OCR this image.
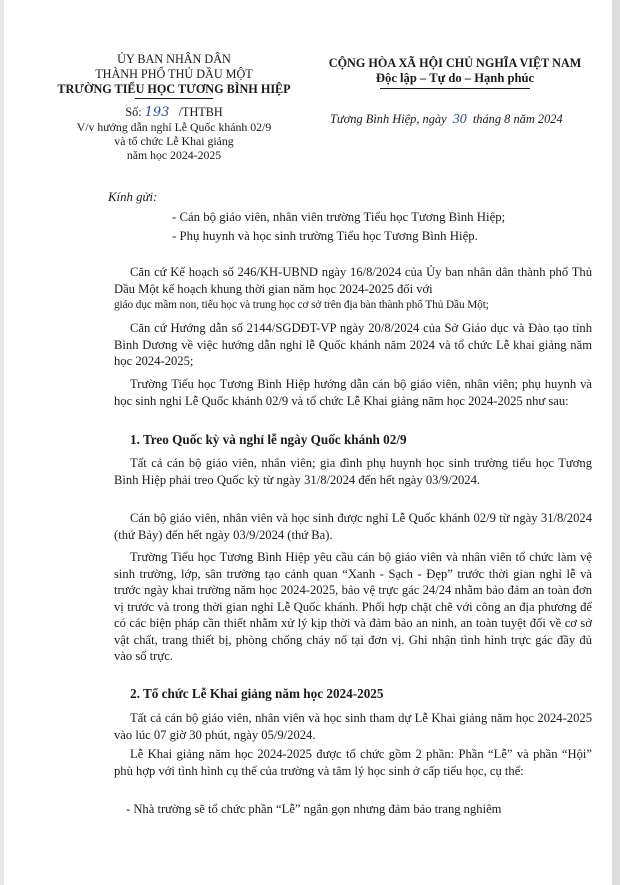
ỦY BAN NHÂN DÂN
THÀNH PHỐ THỦ DẦU MỘT
TRƯỜNG TIỂU HỌC TƯƠNG BÌNH HIỆP
Số: 193 /THTBH
V/v hướng dẫn nghỉ Lễ Quốc khánh 02/9
và tổ chức Lễ Khai giảng
năm học 2024-2025
CỘNG HÒA XÃ HỘI CHỦ NGHĨA VIỆT NAM
Độc lập – Tự do – Hạnh phúc
Tương Bình Hiệp, ngày 30 tháng 8 năm 2024
Kính gửi:
- Cán bộ giáo viên, nhân viên trường Tiểu học Tương Bình Hiệp;
- Phụ huynh và học sinh trường Tiểu học Tương Bình Hiệp.

Căn cứ Kế hoạch số 246/KH-UBND ngày 16/8/2024 của Ủy ban nhân dân thành phố Thủ Dầu Một kế hoạch khung thời gian năm học 2024-2025 đối với

giáo dục mầm non, tiểu học và trung học cơ sở trên địa bàn thành phố Thủ Dầu Một;

Căn cứ Hướng dẫn số 2144/SGDĐT-VP ngày 20/8/2024 của Sở Giáo dục và Đào tạo tỉnh Bình Dương về việc hướng dẫn nghỉ lễ Quốc khánh năm 2024 và tổ chức Lễ khai giảng năm học 2024-2025;

Trường Tiểu học Tương Bình Hiệp hướng dẫn cán bộ giáo viên, nhân viên; phụ huynh và học sinh nghỉ Lễ Quốc khánh 02/9 và tổ chức Lễ Khai giảng năm học 2024-2025 như sau:

1. Treo Quốc kỳ và nghỉ lễ ngày Quốc khánh 02/9

Tất cả cán bộ giáo viên, nhân viên; gia đình phụ huynh học sinh trường tiểu học Tương Bình Hiệp phải treo Quốc kỳ từ ngày 31/8/2024 đến hết ngày 03/9/2024.

Cán bộ giáo viên, nhân viên và học sinh được nghỉ Lễ Quốc khánh 02/9 từ ngày 31/8/2024 (thứ Bảy) đến hết ngày 03/9/2024 (thứ Ba).

Trường Tiểu học Tương Bình Hiệp yêu cầu cán bộ giáo viên và nhân viên tổ chức làm vệ sinh trường, lớp, sân trường tạo cảnh quan “Xanh - Sạch - Đẹp” trước thời gian nghỉ lễ và trước ngày khai trường năm học 2024-2025, bảo vệ trực gác 24/24 nhằm bảo đảm an toàn đơn vị trước và trong thời gian nghỉ Lễ Quốc khánh. Phối hợp chặt chẽ với công an địa phương để có các biện pháp cần thiết nhằm xử lý kịp thời và đảm bảo an ninh, an toàn tuyệt đối về cơ sở vật chất, trang thiết bị, phòng chống cháy nổ tại đơn vị. Ghi nhận tình hình trực gác đầy đủ vào sổ trực.

2. Tổ chức Lễ Khai giảng năm học 2024-2025

Tất cả cán bộ giáo viên, nhân viên và học sinh tham dự Lễ Khai giảng năm học 2024-2025 vào lúc 07 giờ 30 phút, ngày 05/9/2024.

Lễ Khai giảng năm học 2024-2025 được tổ chức gồm 2 phần: Phần “Lễ” và phần “Hội” phù hợp với tình hình cụ thể của trường và tâm lý học sinh ở cấp tiểu học, cụ thể:

- Nhà trường sẽ tổ chức phần “Lễ” ngắn gọn nhưng đảm bảo trang nghiêm
